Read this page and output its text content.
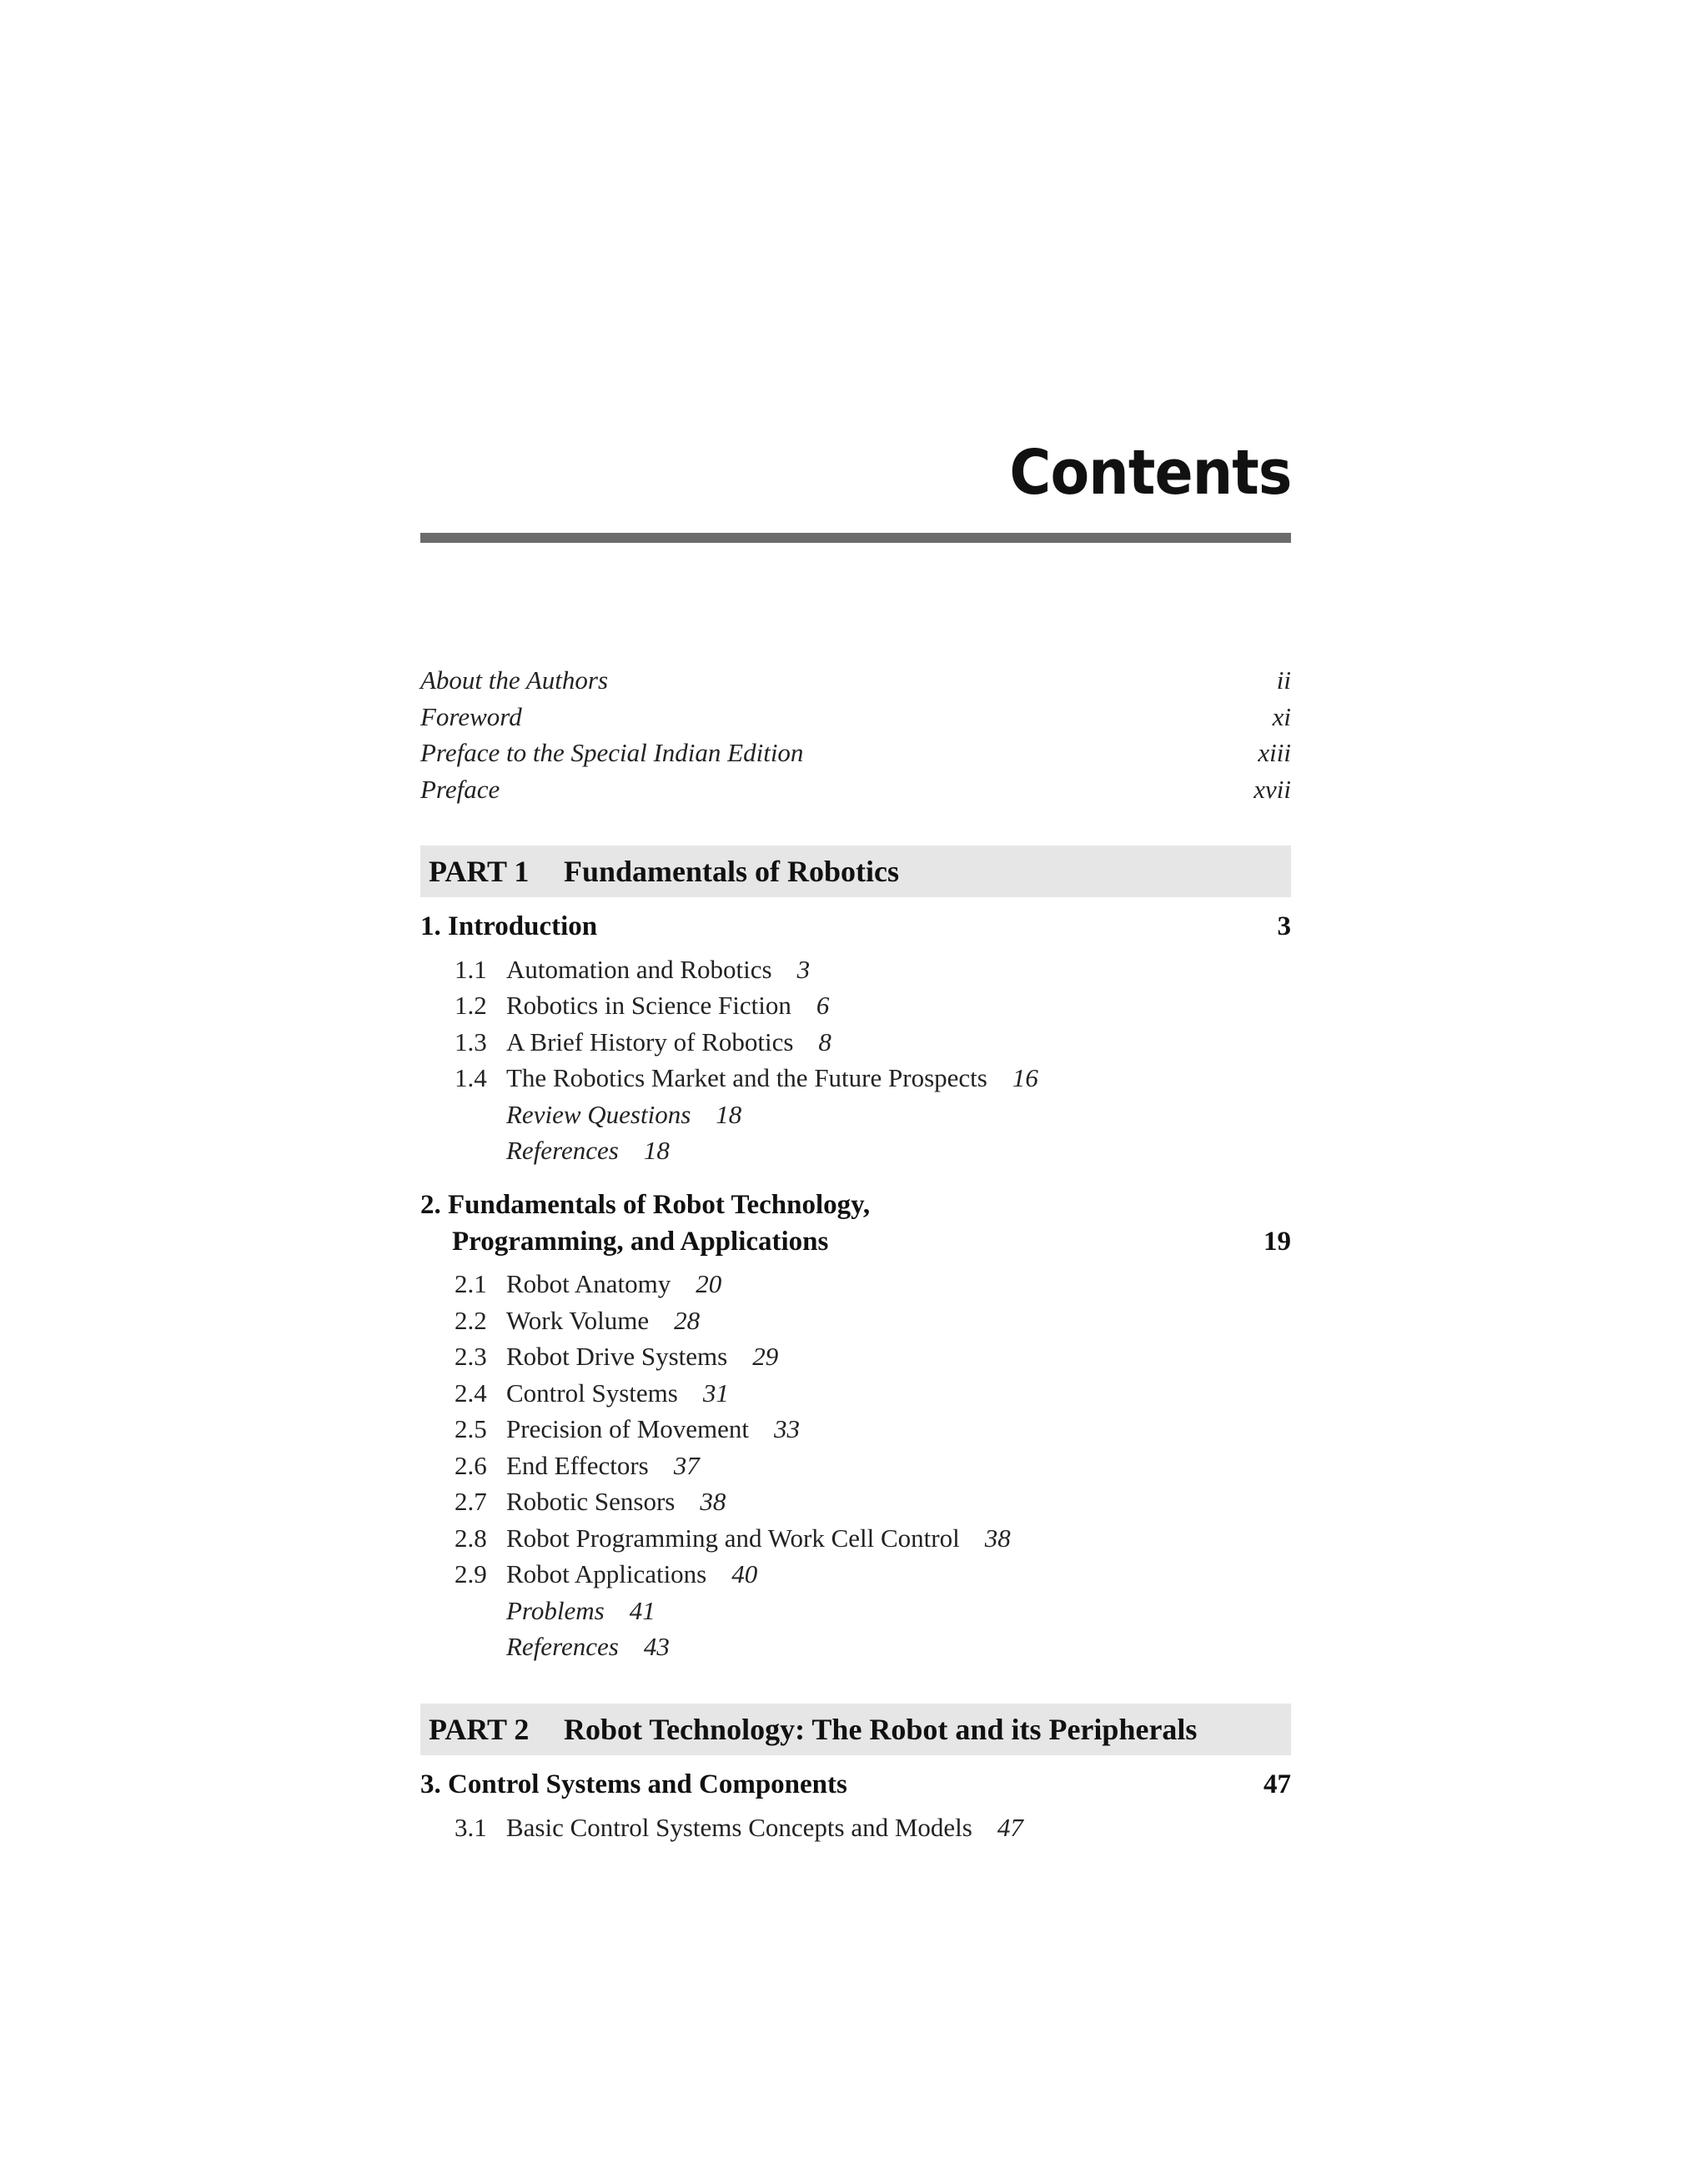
Contents
About the Authors	ii
Foreword	xi
Preface to the Special Indian Edition	xiii
Preface	xvii
PART 1 Fundamentals of Robotics
1. Introduction	3
1.1 Automation and Robotics 3
1.2 Robotics in Science Fiction 6
1.3 A Brief History of Robotics 8
1.4 The Robotics Market and the Future Prospects 16
Review Questions 18
References 18
2. Fundamentals of Robot Technology,
Programming, and Applications	19
2.1 Robot Anatomy 20
2.2 Work Volume 28
2.3 Robot Drive Systems 29
2.4 Control Systems 31
2.5 Precision of Movement 33
2.6 End Effectors 37
2.7 Robotic Sensors 38
2.8 Robot Programming and Work Cell Control 38
2.9 Robot Applications 40
Problems 41
References 43
PART 2 Robot Technology: The Robot and its Peripherals
3. Control Systems and Components	47
3.1 Basic Control Systems Concepts and Models 47
